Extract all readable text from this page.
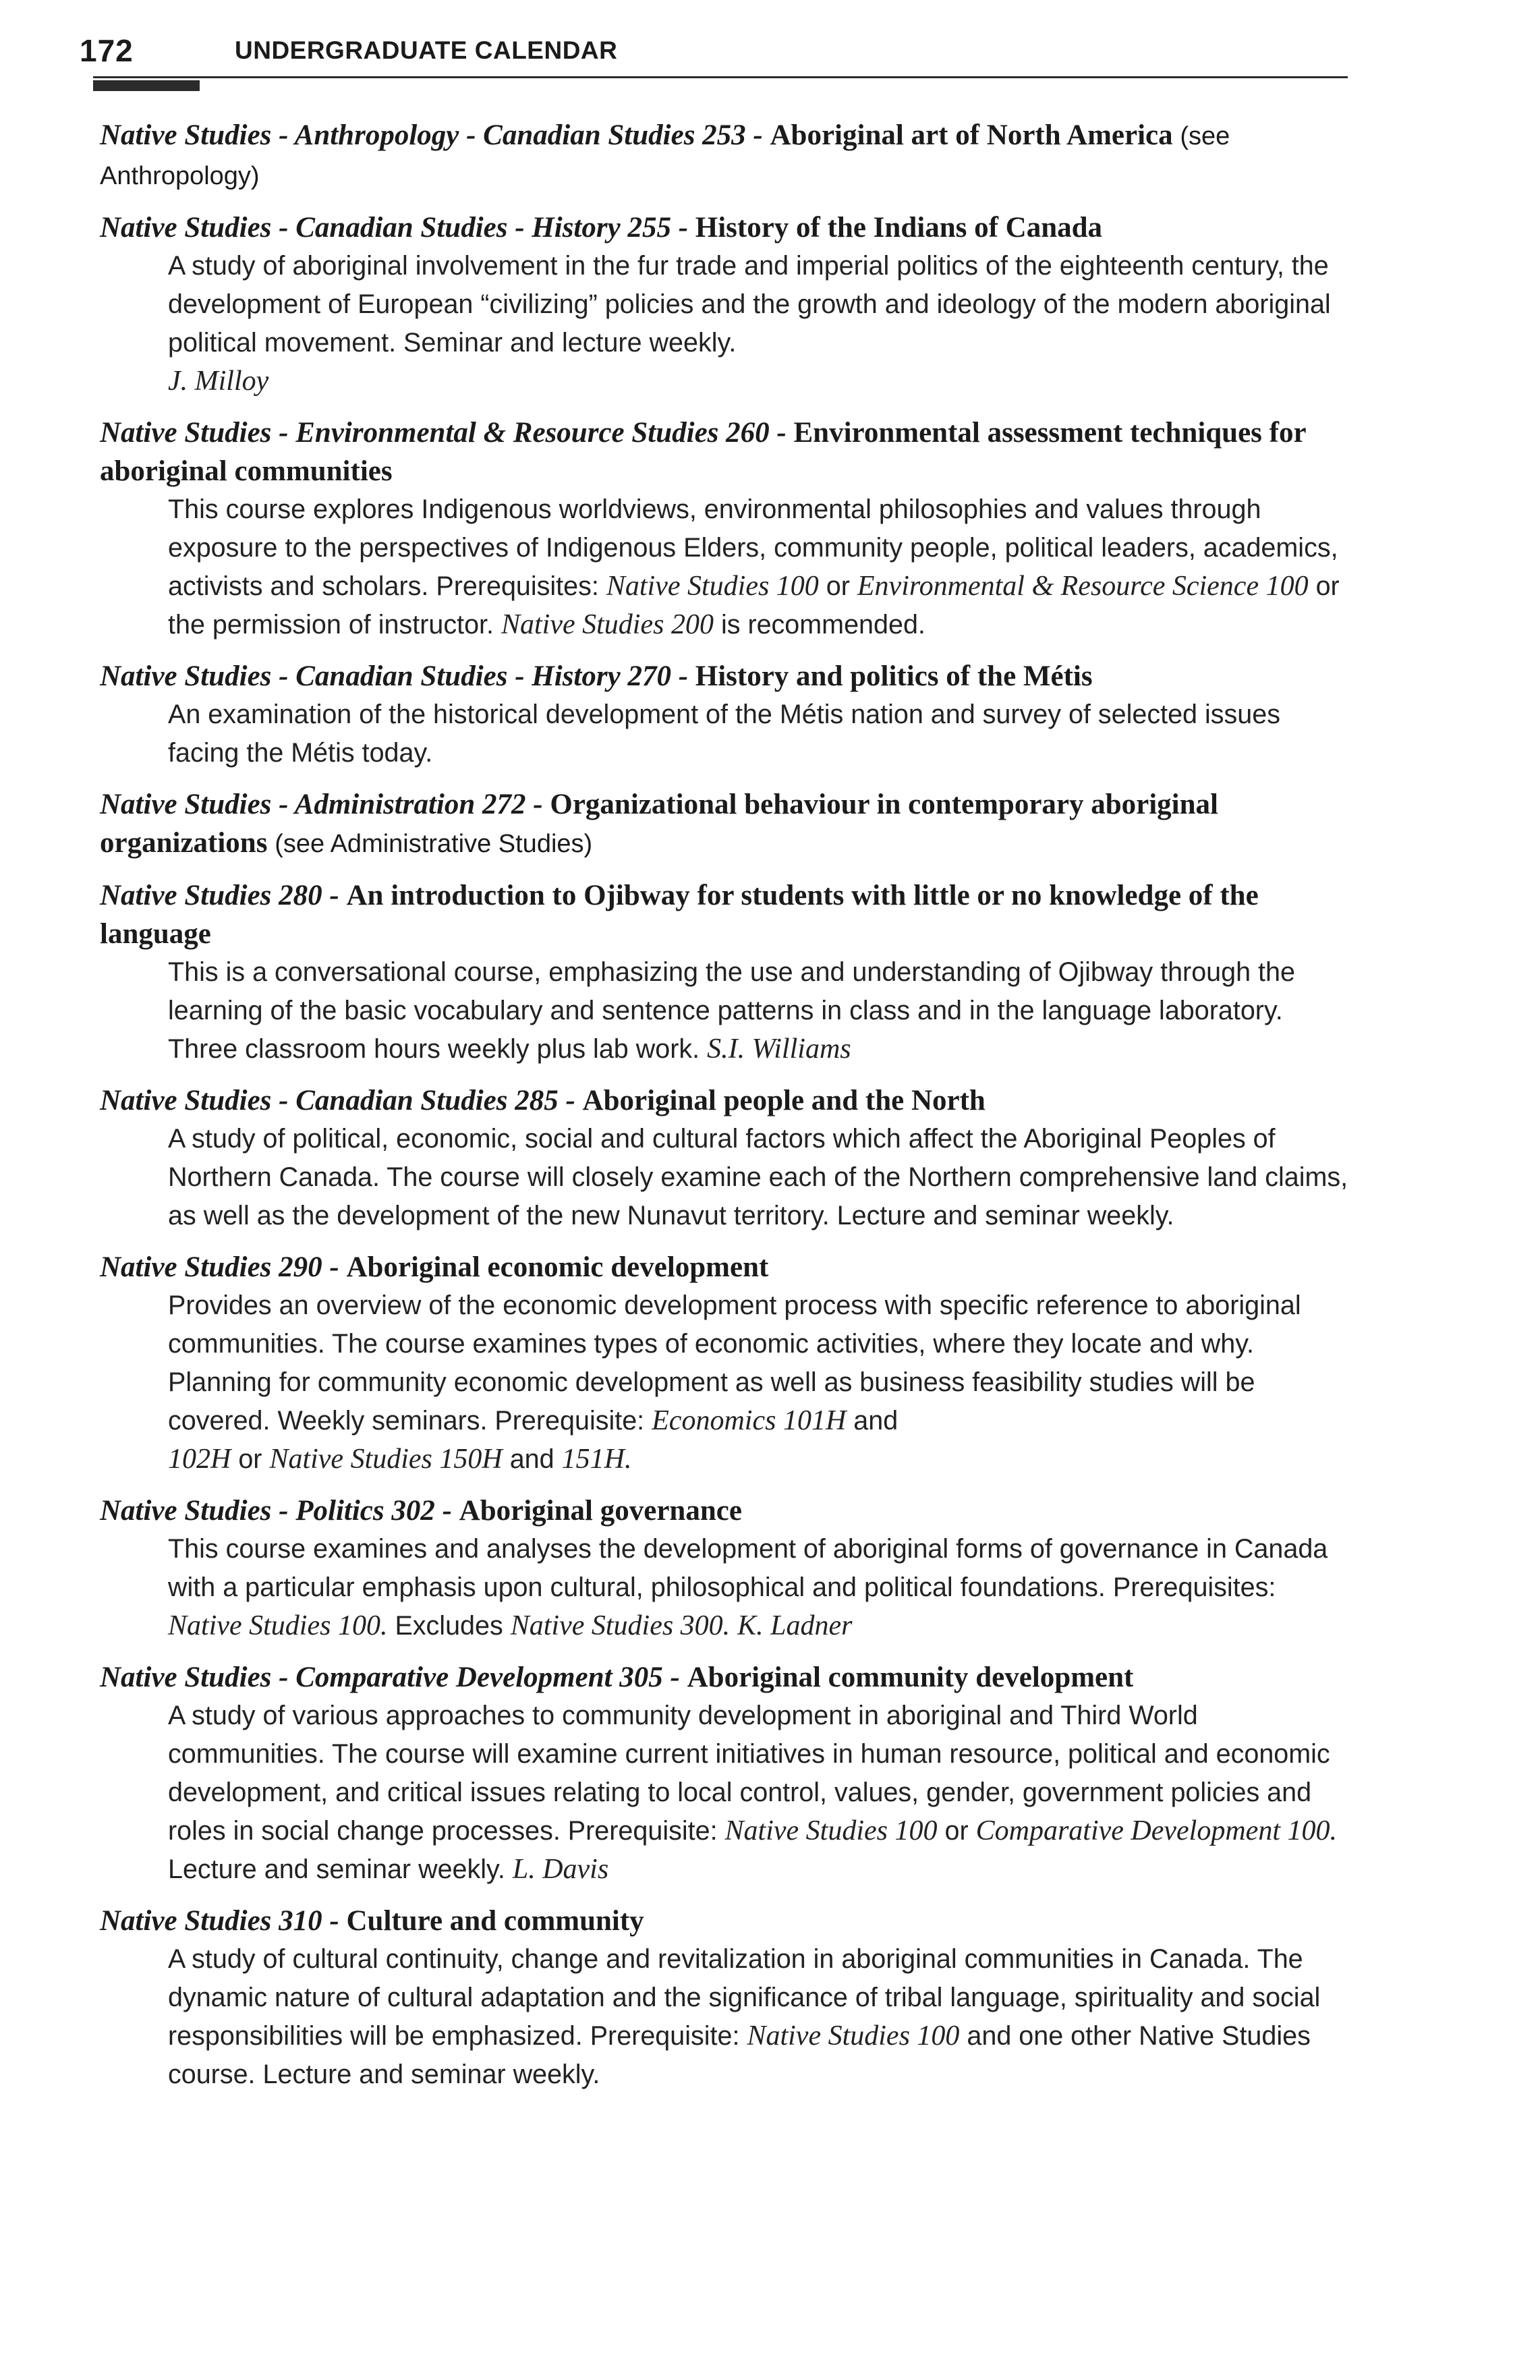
172	UNDERGRADUATE CALENDAR

Native Studies - Anthropology - Canadian Studies 253 - Aboriginal art of North America (see Anthropology)

Native Studies - Canadian Studies - History 255 - History of the Indians of Canada

A study of aboriginal involvement in the fur trade and imperial politics of the eighteenth century, the development of European “civilizing” policies and the growth and ideology of the modern aboriginal political movement. Seminar and lecture weekly.
J. Milloy

Native Studies - Environmental & Resource Studies 260 - Environmental assessment techniques for aboriginal communities

This course explores Indigenous worldviews, environmental philosophies and values through exposure to the perspectives of Indigenous Elders, community people, political leaders, academics, activists and scholars. Prerequisites: Native Studies 100 or Environmental & Resource Science 100 or the permission of instructor. Native Studies 200 is recommended.

Native Studies - Canadian Studies - History 270 - History and politics of the Métis

An examination of the historical development of the Métis nation and survey of selected issues facing the Métis today.

Native Studies - Administration 272 - Organizational behaviour in contemporary aboriginal organizations (see Administrative Studies)

Native Studies 280 - An introduction to Ojibway for students with little or no knowledge of the language

This is a conversational course, emphasizing the use and understanding of Ojibway through the learning of the basic vocabulary and sentence patterns in class and in the language laboratory. Three classroom hours weekly plus lab work. S.I. Williams

Native Studies - Canadian Studies 285 - Aboriginal people and the North

A study of political, economic, social and cultural factors which affect the Aboriginal Peoples of Northern Canada. The course will closely examine each of the Northern comprehensive land claims, as well as the development of the new Nunavut territory. Lecture and seminar weekly.

Native Studies 290 - Aboriginal economic development

Provides an overview of the economic development process with specific reference to aboriginal communities. The course examines types of economic activities, where they locate and why. Planning for community economic development as well as business feasibility studies will be covered. Weekly seminars. Prerequisite: Economics 101H and
102H or Native Studies 150H and 151H.

Native Studies - Politics 302 - Aboriginal governance

This course examines and analyses the development of aboriginal forms of governance in Canada with a particular emphasis upon cultural, philosophical and political foundations. Prerequisites: Native Studies 100. Excludes Native Studies 300. K. Ladner

Native Studies - Comparative Development 305 - Aboriginal community development

A study of various approaches to community development in aboriginal and Third World communities. The course will examine current initiatives in human resource, political and economic development, and critical issues relating to local control, values, gender, government policies and roles in social change processes. Prerequisite: Native Studies 100 or Comparative Development 100. Lecture and seminar weekly. L. Davis

Native Studies 310 - Culture and community

A study of cultural continuity, change and revitalization in aboriginal communities in Canada. The dynamic nature of cultural adaptation and the significance of tribal language, spirituality and social responsibilities will be emphasized. Prerequisite: Native Studies 100 and one other Native Studies course. Lecture and seminar weekly.
